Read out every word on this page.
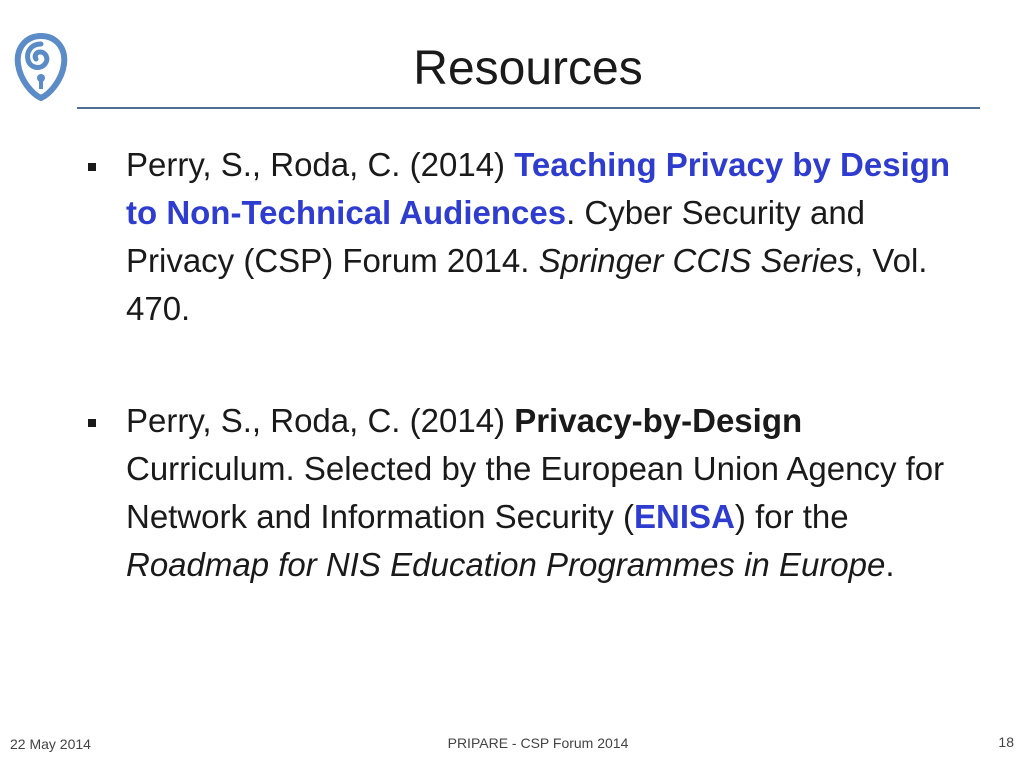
Resources
Perry, S., Roda, C. (2014) Teaching Privacy by Design to Non-Technical Audiences. Cyber Security and Privacy (CSP) Forum 2014. Springer CCIS Series, Vol. 470.
Perry, S., Roda, C. (2014) Privacy-by-Design Curriculum. Selected by the European Union Agency for Network and Information Security (ENISA) for the Roadmap for NIS Education Programmes in Europe.
22 May 2014	PRIPARE - CSP Forum 2014	18
